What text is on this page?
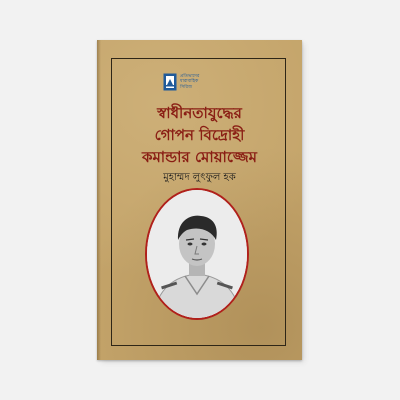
প্রতিভাদের
ধারাবাহিক
সিরিজ
স্বাধীনতাযুদ্ধের
গোপন বিদ্রোহী
কমান্ডার মোয়াজ্জেম
মুহাম্মদ লুৎফুল হক
